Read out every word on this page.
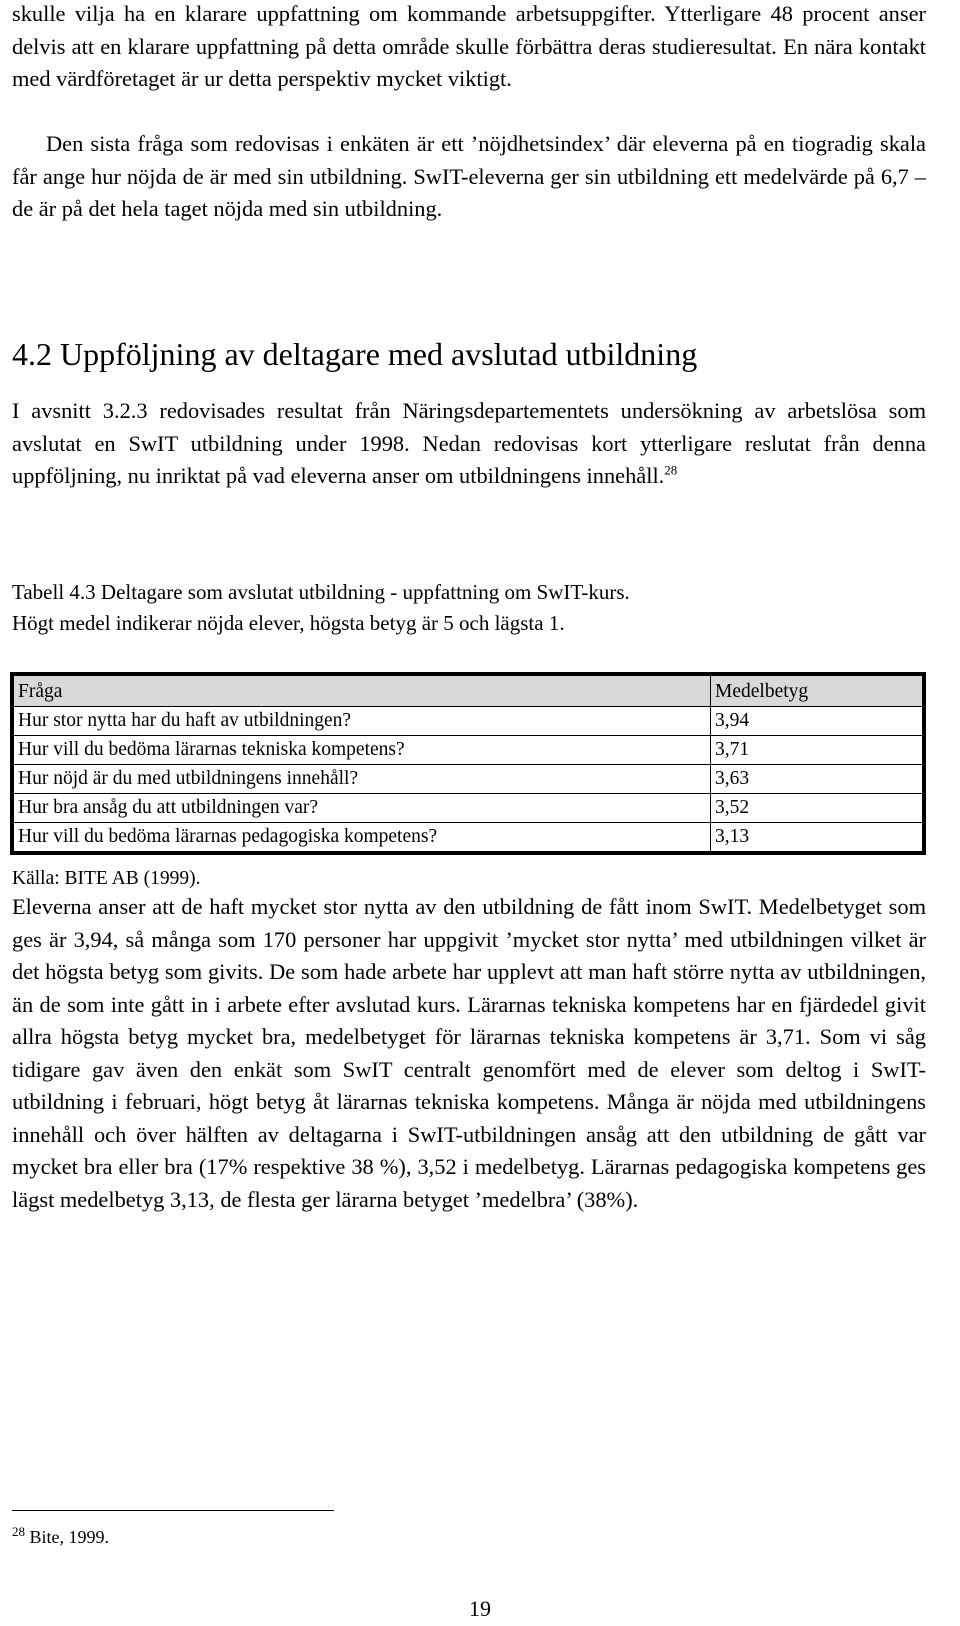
skulle vilja ha en klarare uppfattning om kommande arbetsuppgifter. Ytterligare 48 procent anser delvis att en klarare uppfattning på detta område skulle förbättra deras studieresultat. En nära kontakt med värdföretaget är ur detta perspektiv mycket viktigt.

Den sista fråga som redovisas i enkäten är ett ’nöjdhetsindex’ där eleverna på en tiogradig skala får ange hur nöjda de är med sin utbildning. SwIT-eleverna ger sin utbildning ett medelvärde på 6,7 – de är på det hela taget nöjda med sin utbildning.

4.2 Uppföljning av deltagare med avslutad utbildning

I avsnitt 3.2.3 redovisades resultat från Näringsdepartementets undersökning av arbetslösa som avslutat en SwIT utbildning under 1998. Nedan redovisas kort ytterligare reslutat från denna uppföljning, nu inriktat på vad eleverna anser om utbildningens innehåll.$^{28}$

Tabell 4.3 Deltagare som avslutat utbildning - uppfattning om SwIT-kurs.
Högt medel indikerar nöjda elever, högsta betyg är 5 och lägsta 1.

Fråga	Medelbetyg
Hur stor nytta har du haft av utbildningen?	3,94
Hur vill du bedöma lärarnas tekniska kompetens?	3,71
Hur nöjd är du med utbildningens innehåll?	3,63
Hur bra ansåg du att utbildningen var?	3,52
Hur vill du bedöma lärarnas pedagogiska kompetens?	3,13

Källa: BITE AB (1999).

Eleverna anser att de haft mycket stor nytta av den utbildning de fått inom SwIT. Medelbetyget som ges är 3,94, så många som 170 personer har uppgivit ’mycket stor nytta’ med utbildningen vilket är det högsta betyg som givits. De som hade arbete har upplevt att man haft större nytta av utbildningen, än de som inte gått in i arbete efter avslutad kurs. Lärarnas tekniska kompetens har en fjärdedel givit allra högsta betyg mycket bra, medelbetyget för lärarnas tekniska kompetens är 3,71. Som vi såg tidigare gav även den enkät som SwIT centralt genomfört med de elever som deltog i SwIT-utbildning i februari, högt betyg åt lärarnas tekniska kompetens. Många är nöjda med utbildningens innehåll och över hälften av deltagarna i SwIT-utbildningen ansåg att den utbildning de gått var mycket bra eller bra (17% respektive 38 %), 3,52 i medelbetyg. Lärarnas pedagogiska kompetens ges lägst medelbetyg 3,13, de flesta ger lärarna betyget ’medelbra’ (38%).

$^{28}$ Bite, 1999.

19
